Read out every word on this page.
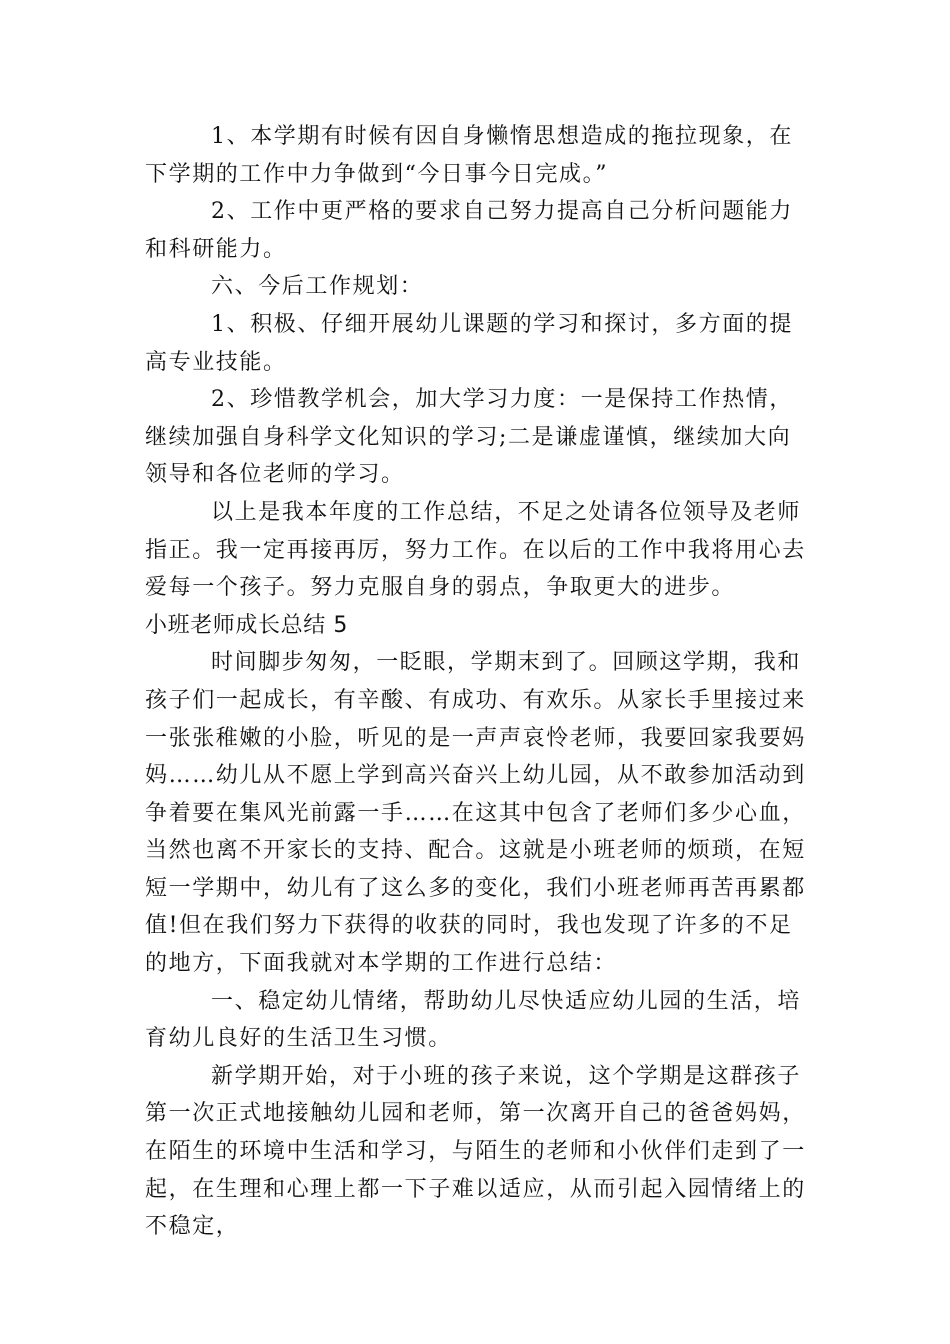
1、本学期有时候有因自身懒惰思想造成的拖拉现象，在下学期的工作中力争做到“今日事今日完成。”

2、工作中更严格的要求自己努力提高自己分析问题能力和科研能力。

六、今后工作规划：

1、积极、仔细开展幼儿课题的学习和探讨，多方面的提高专业技能。

2、珍惜教学机会，加大学习力度：一是保持工作热情，继续加强自身科学文化知识的学习;二是谦虚谨慎，继续加大向领导和各位老师的学习。

以上是我本年度的工作总结，不足之处请各位领导及老师指正。我一定再接再厉，努力工作。在以后的工作中我将用心去爱每一个孩子。努力克服自身的弱点，争取更大的进步。

小班老师成长总结 5

时间脚步匆匆，一眨眼，学期末到了。回顾这学期，我和孩子们一起成长，有辛酸、有成功、有欢乐。从家长手里接过来一张张稚嫩的小脸，听见的是一声声哀怜老师，我要回家我要妈妈……幼儿从不愿上学到高兴奋兴上幼儿园，从不敢参加活动到争着要在集风光前露一手……在这其中包含了老师们多少心血，当然也离不开家长的支持、配合。这就是小班老师的烦琐，在短短一学期中，幼儿有了这么多的变化，我们小班老师再苦再累都值!但在我们努力下获得的收获的同时，我也发现了许多的不足的地方，下面我就对本学期的工作进行总结：

一、稳定幼儿情绪，帮助幼儿尽快适应幼儿园的生活，培育幼儿良好的生活卫生习惯。

新学期开始，对于小班的孩子来说，这个学期是这群孩子第一次正式地接触幼儿园和老师，第一次离开自己的爸爸妈妈，在陌生的环境中生活和学习，与陌生的老师和小伙伴们走到了一起，在生理和心理上都一下子难以适应，从而引起入园情绪上的不稳定，
